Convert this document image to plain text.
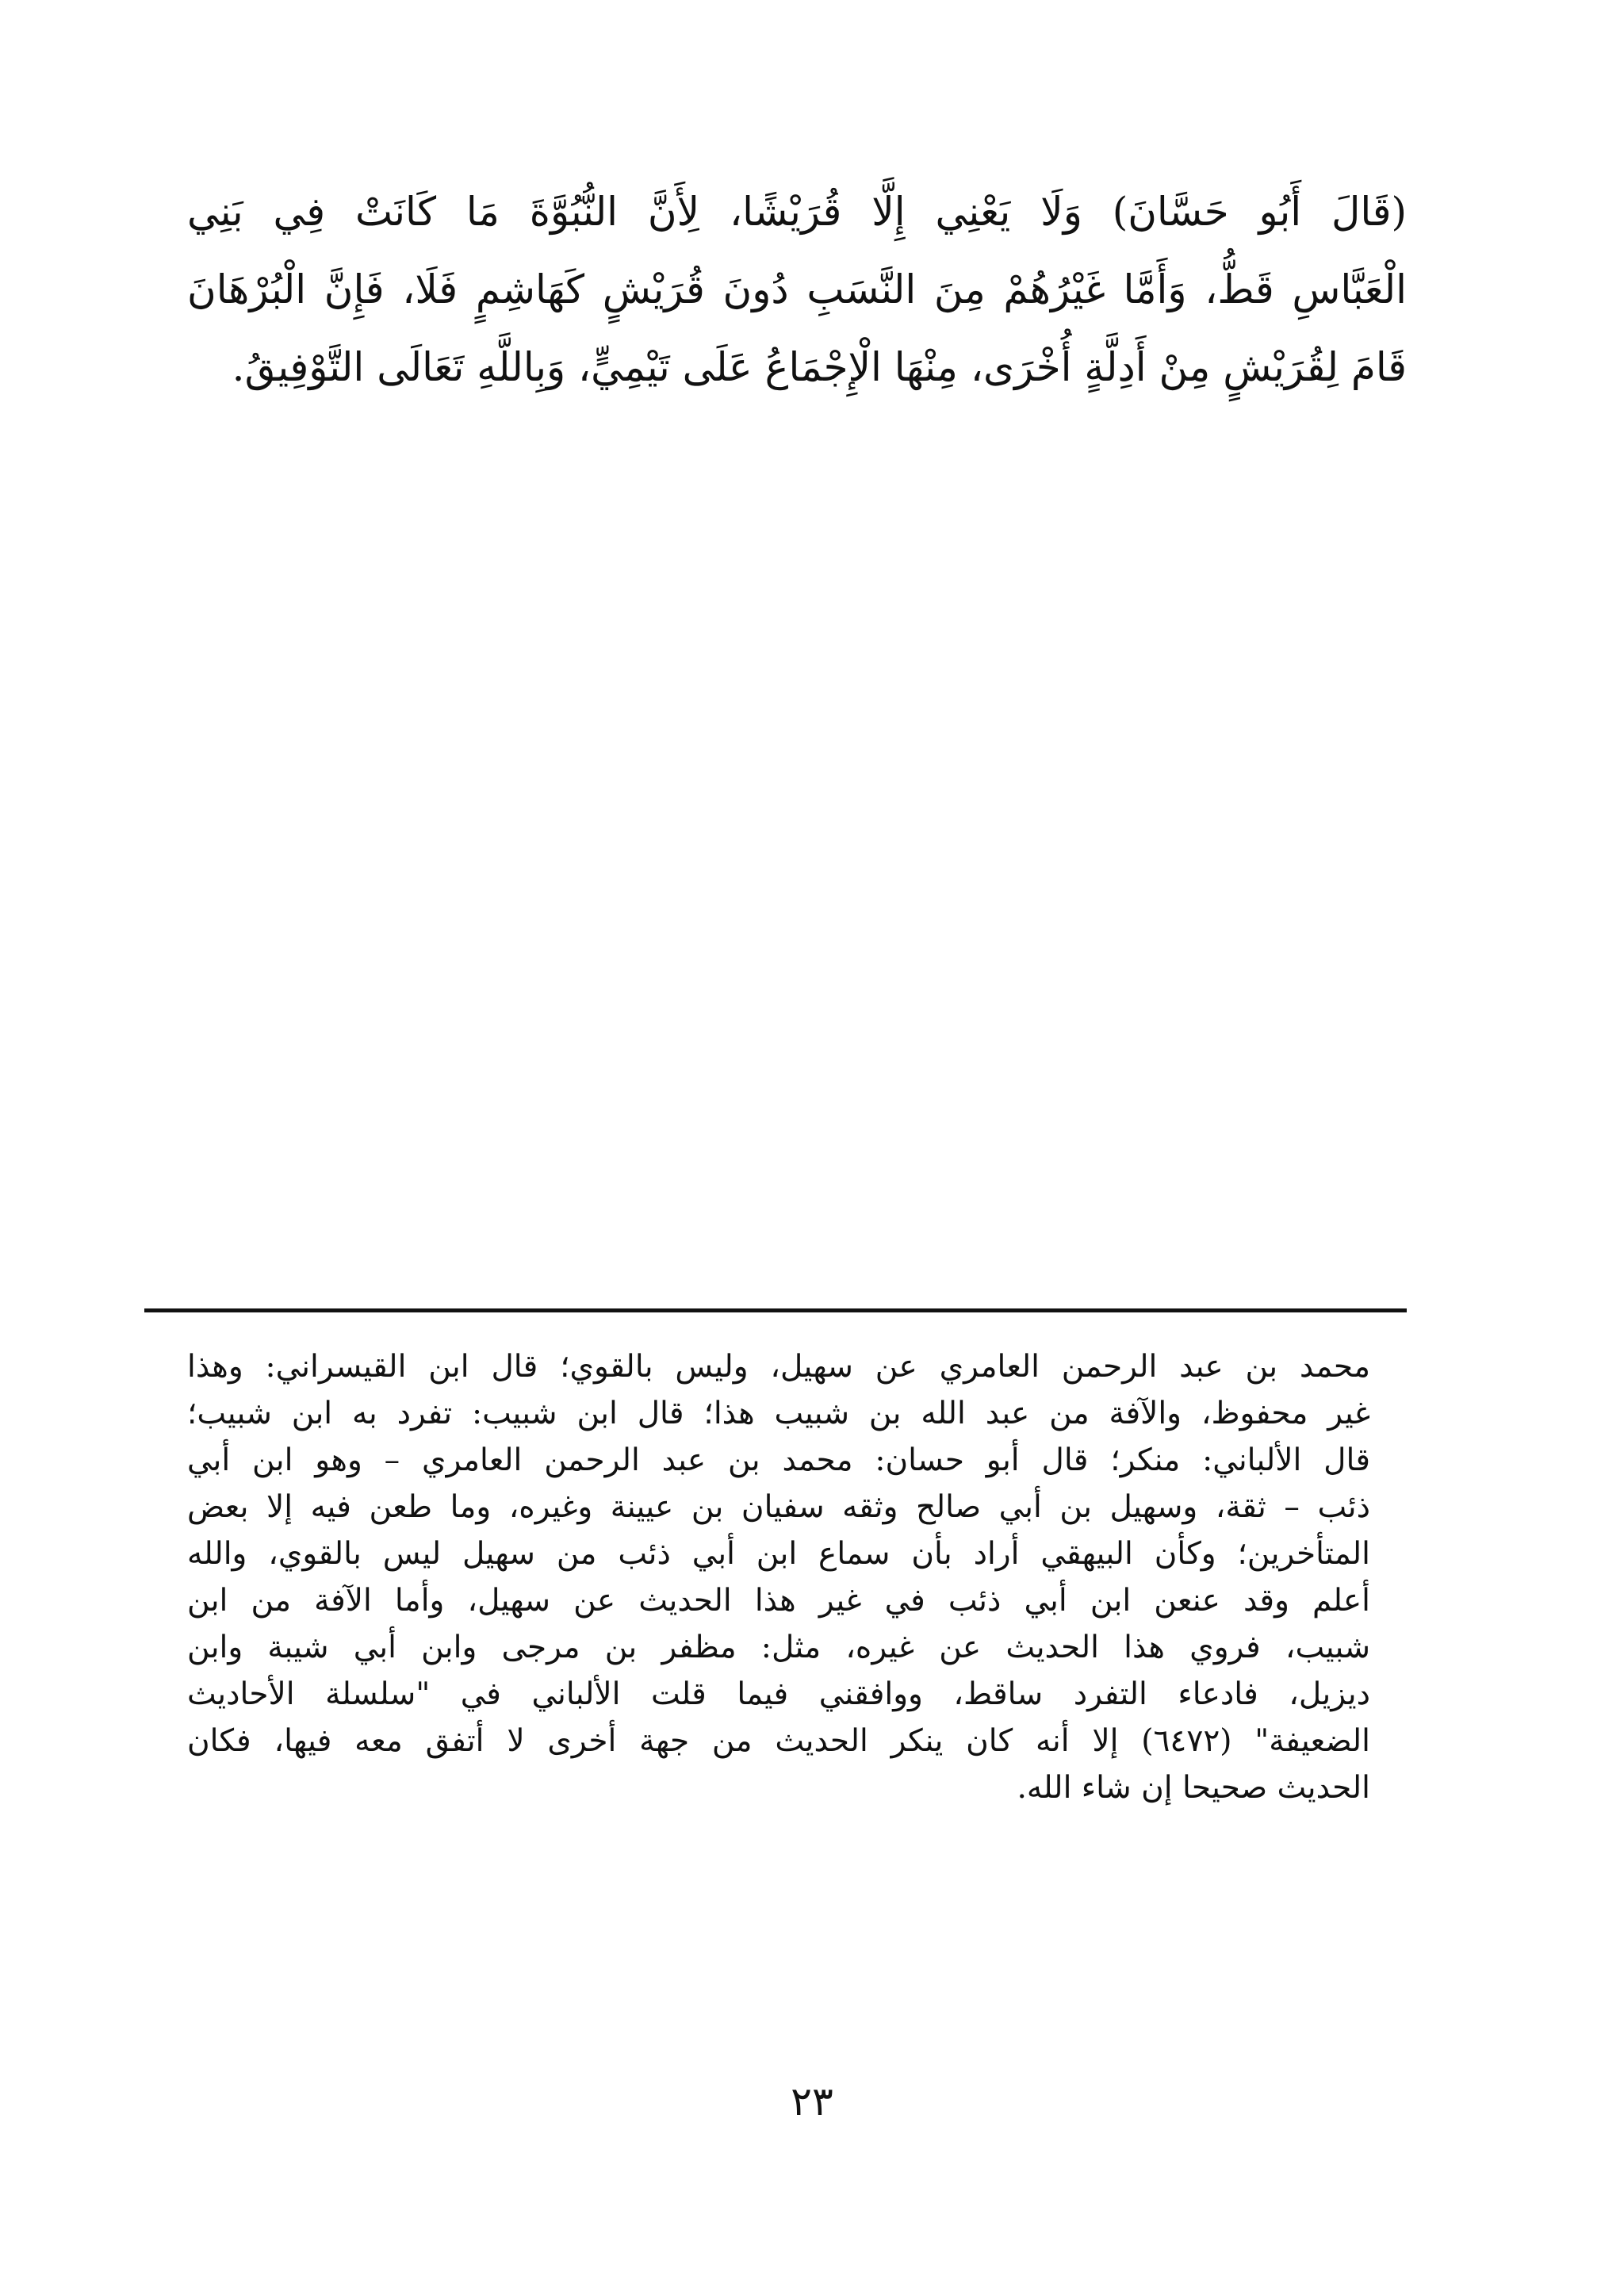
(قَالَ أَبُو حَسَّانَ) وَلَا يَعْنِي إِلَّا قُرَيْشًا، لِأَنَّ النُّبُوَّةَ مَا كَانَتْ فِي بَنِي
الْعَبَّاسِ قَطُّ، وَأَمَّا غَيْرُهُمْ مِنَ النَّسَبِ دُونَ قُرَيْشٍ كَهَاشِمٍ فَلَا، فَإِنَّ الْبُرْهَانَ
قَامَ لِقُرَيْشٍ مِنْ أَدِلَّةٍ أُخْرَى، مِنْهَا الْإِجْمَاعُ عَلَى تَيْمِيٍّ، وَبِاللَّهِ تَعَالَى التَّوْفِيقُ.
محمد بن عبد الرحمن العامري عن سهيل، وليس بالقوي؛ قال ابن القيسراني: وهذا
غير محفوظ، والآفة من عبد الله بن شبيب هذا؛ قال ابن شبيب: تفرد به ابن شبيب؛
قال الألباني: منكر؛ قال أبو حسان: محمد بن عبد الرحمن العامري – وهو ابن أبي
ذئب – ثقة، وسهيل بن أبي صالح وثقه سفيان بن عيينة وغيره، وما طعن فيه إلا بعض
المتأخرين؛ وكأن البيهقي أراد بأن سماع ابن أبي ذئب من سهيل ليس بالقوي، والله
أعلم وقد عنعن ابن أبي ذئب في غير هذا الحديث عن سهيل، وأما الآفة من ابن
شبيب، فروي هذا الحديث عن غيره، مثل: مظفر بن مرجى وابن أبي شيبة وابن
ديزيل، فادعاء التفرد ساقط، ووافقني فيما قلت الألباني في "سلسلة الأحاديث
الضعيفة" (٦٤٧٢) إلا أنه كان ينكر الحديث من جهة أخرى لا أتفق معه فيها، فكان
الحديث صحيحا إن شاء الله.
٢٣
